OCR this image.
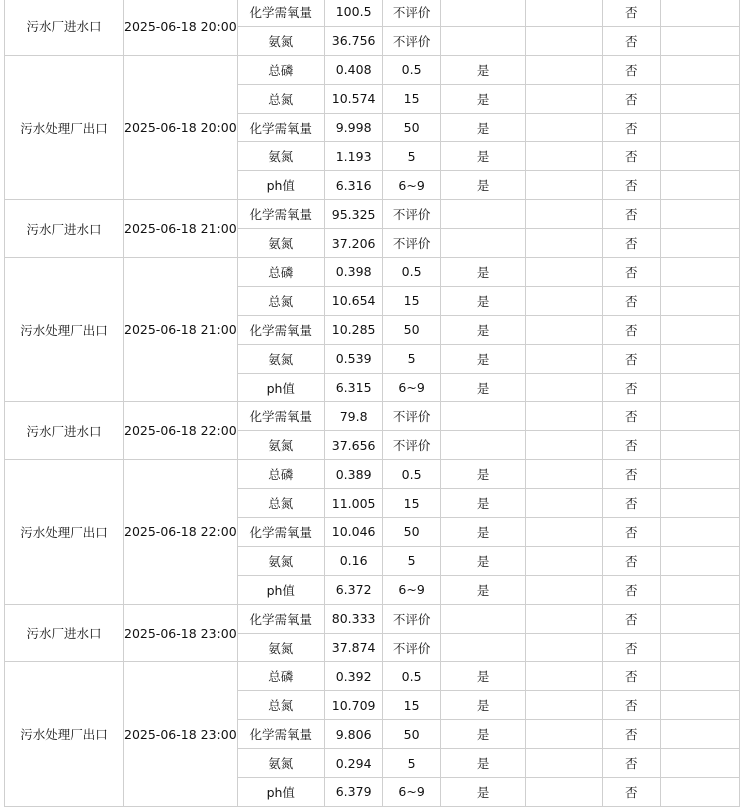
污水厂进水口	2025-06-18 20:00	化学需氧量	100.5	不评价			否	
		氨氮	36.756	不评价			否	
污水处理厂出口	2025-06-18 20:00	总磷	0.408	0.5	是		否	
		总氮	10.574	15	是		否	
		化学需氧量	9.998	50	是		否	
		氨氮	1.193	5	是		否	
		ph值	6.316	6~9	是		否	
污水厂进水口	2025-06-18 21:00	化学需氧量	95.325	不评价			否	
		氨氮	37.206	不评价			否	
污水处理厂出口	2025-06-18 21:00	总磷	0.398	0.5	是		否	
		总氮	10.654	15	是		否	
		化学需氧量	10.285	50	是		否	
		氨氮	0.539	5	是		否	
		ph值	6.315	6~9	是		否	
污水厂进水口	2025-06-18 22:00	化学需氧量	79.8	不评价			否	
		氨氮	37.656	不评价			否	
污水处理厂出口	2025-06-18 22:00	总磷	0.389	0.5	是		否	
		总氮	11.005	15	是		否	
		化学需氧量	10.046	50	是		否	
		氨氮	0.16	5	是		否	
		ph值	6.372	6~9	是		否	
污水厂进水口	2025-06-18 23:00	化学需氧量	80.333	不评价			否	
		氨氮	37.874	不评价			否	
污水处理厂出口	2025-06-18 23:00	总磷	0.392	0.5	是		否	
		总氮	10.709	15	是		否	
		化学需氧量	9.806	50	是		否	
		氨氮	0.294	5	是		否	
		ph值	6.379	6~9	是		否	
